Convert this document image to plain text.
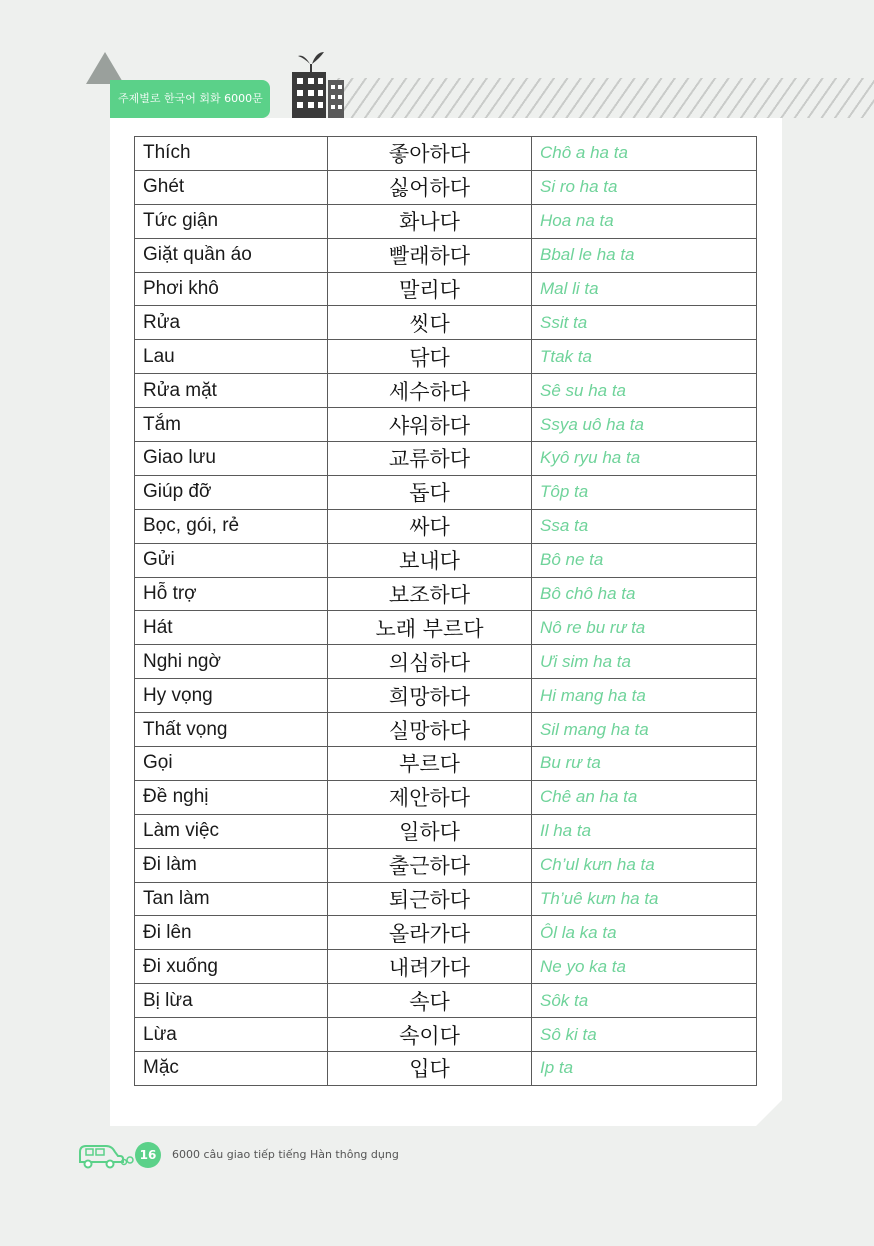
주제별로 한국어 회화 6000문
Thích	좋아하다	Chô a ha ta
Ghét	싫어하다	Si ro ha ta
Tức giận	화나다	Hoa na ta
Giặt quần áo	빨래하다	Bbal le ha ta
Phơi khô	말리다	Mal li ta
Rửa	씻다	Ssit ta
Lau	닦다	Ttak ta
Rửa mặt	세수하다	Sê su ha ta
Tắm	샤워하다	Ssya uô ha ta
Giao lưu	교류하다	Kyô ryu ha ta
Giúp đỡ	돕다	Tôp ta
Bọc, gói, rẻ	싸다	Ssa ta
Gửi	보내다	Bô ne ta
Hỗ trợ	보조하다	Bô chô ha ta
Hát	노래 부르다	Nô re bu rư ta
Nghi ngờ	의심하다	Ưi sim ha ta
Hy vọng	희망하다	Hi mang ha ta
Thất vọng	실망하다	Sil mang ha ta
Gọi	부르다	Bu rư ta
Đề nghị	제안하다	Chê an ha ta
Làm việc	일하다	Il ha ta
Đi làm	출근하다	Ch’ul kưn ha ta
Tan làm	퇴근하다	Th’uê kưn ha ta
Đi lên	올라가다	Ôl la ka ta
Đi xuống	내려가다	Ne yo ka ta
Bị lừa	속다	Sôk ta
Lừa	속이다	Sô ki ta
Mặc	입다	Ip ta
16	6000 câu giao tiếp tiếng Hàn thông dụng
